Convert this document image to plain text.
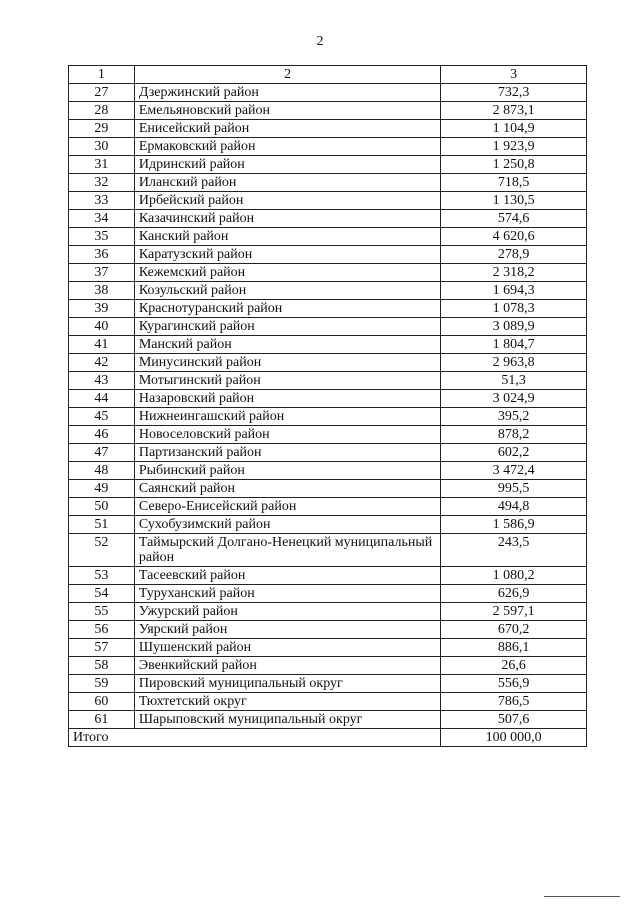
2
1	2	3
27	Дзержинский район	732,3
28	Емельяновский район	2 873,1
29	Енисейский район	1 104,9
30	Ермаковский район	1 923,9
31	Идринский район	1 250,8
32	Иланский район	718,5
33	Ирбейский район	1 130,5
34	Казачинский район	574,6
35	Канский район	4 620,6
36	Каратузский район	278,9
37	Кежемский район	2 318,2
38	Козульский район	1 694,3
39	Краснотуранский район	1 078,3
40	Курагинский район	3 089,9
41	Манский район	1 804,7
42	Минусинский район	2 963,8
43	Мотыгинский район	51,3
44	Назаровский район	3 024,9
45	Нижнеингашский район	395,2
46	Новоселовский район	878,2
47	Партизанский район	602,2
48	Рыбинский район	3 472,4
49	Саянский район	995,5
50	Северо-Енисейский район	494,8
51	Сухобузимский район	1 586,9
52	Таймырский Долгано-Ненецкий муниципальный район	243,5
53	Тасеевский район	1 080,2
54	Туруханский район	626,9
55	Ужурский район	2 597,1
56	Уярский район	670,2
57	Шушенский район	886,1
58	Эвенкийский район	26,6
59	Пировский муниципальный округ	556,9
60	Тюхтетский округ	786,5
61	Шарыповский муниципальный округ	507,6
Итого		100 000,0
